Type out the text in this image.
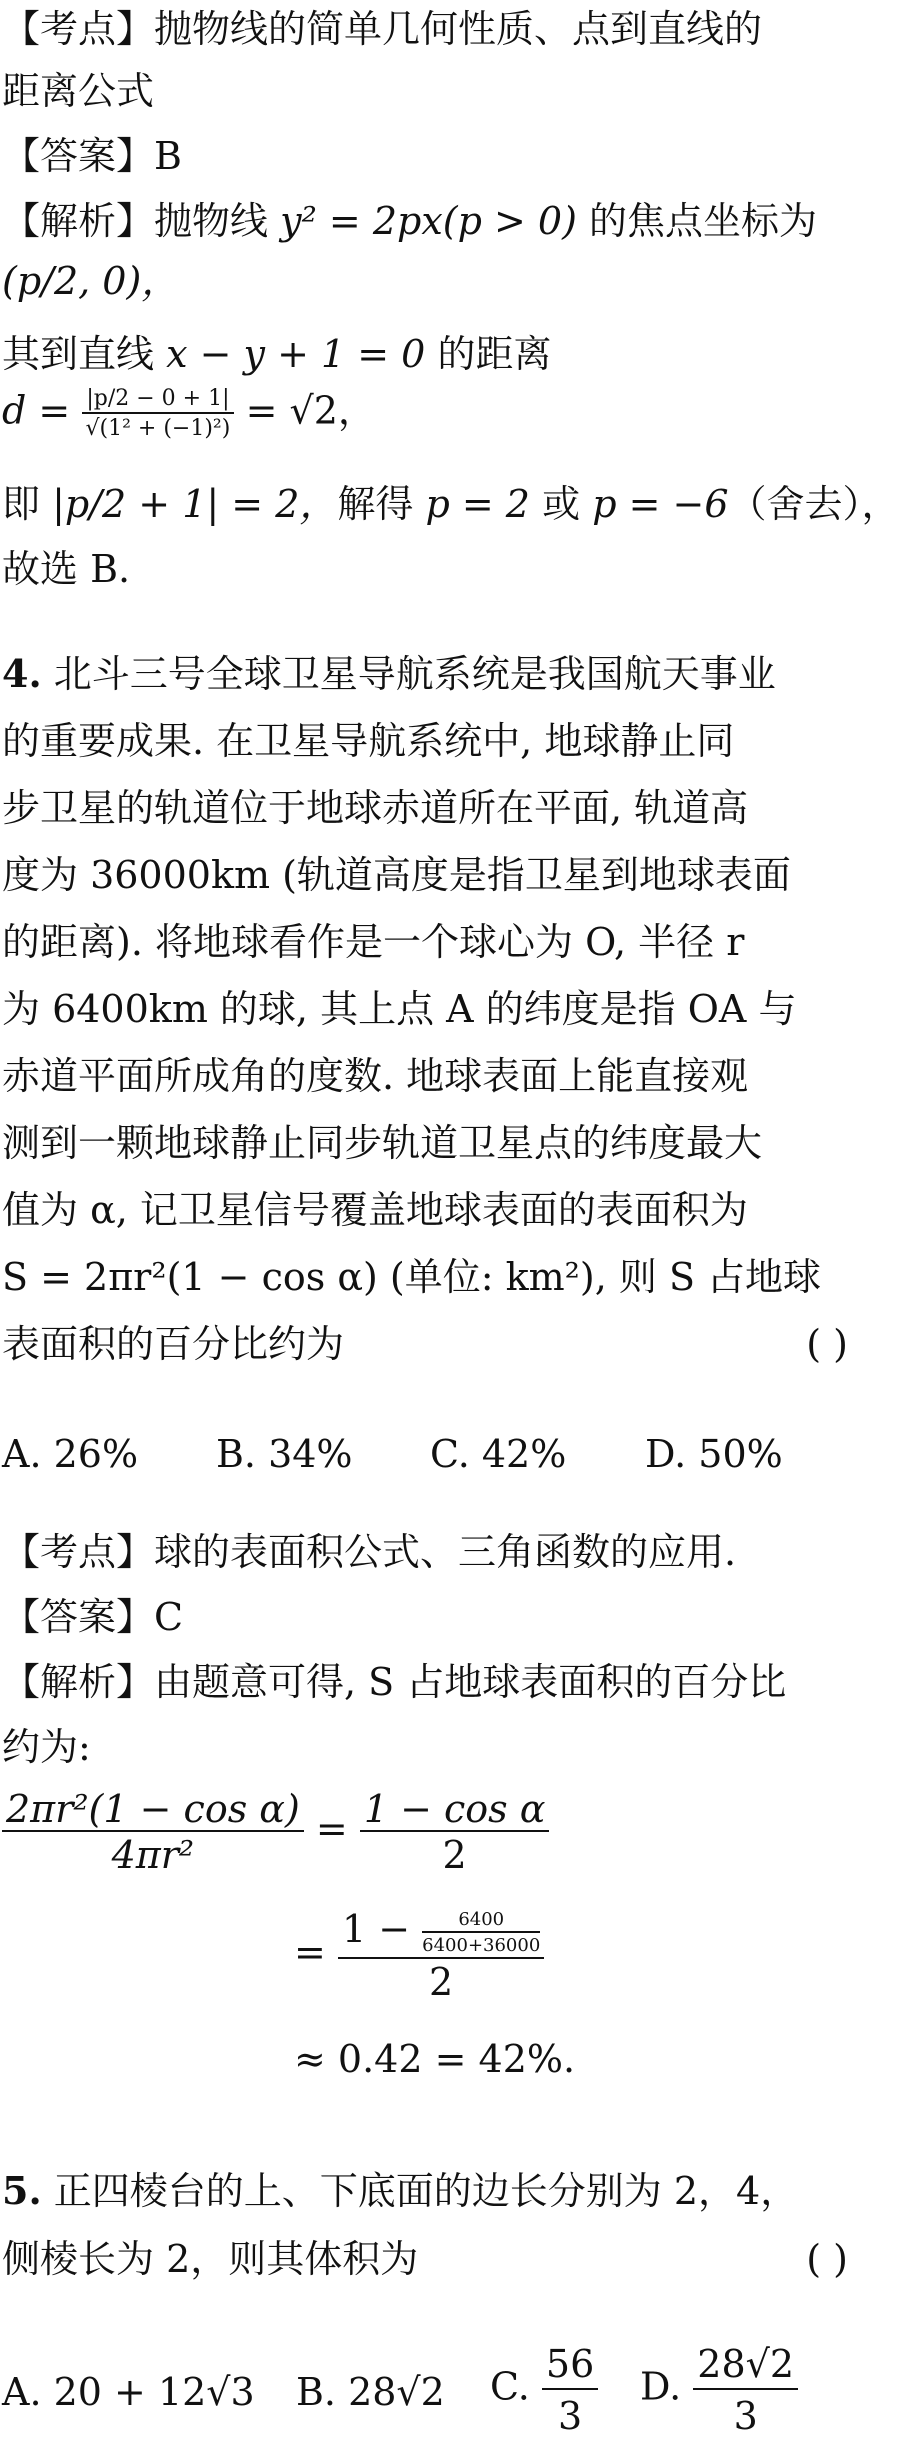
【考点】抛物线的简单几何性质、点到直线的
距离公式
【答案】B
【解析】抛物线 y² = 2px(p > 0) 的焦点坐标为
(p/2, 0)，
其到直线 x − y + 1 = 0 的距离
$d = \frac{|p/2 - 0 + 1|}{\text{√(1² + (−1)²)}} = √2$，
即 |p/2 + 1| = 2，解得 p = 2 或 p = −6（舍去），
故选 B.
4. 北斗三号全球卫星导航系统是我国航天事业
的重要成果. 在卫星导航系统中, 地球静止同
步卫星的轨道位于地球赤道所在平面, 轨道高
度为 36000km (轨道高度是指卫星到地球表面
的距离). 将地球看作是一个球心为 O, 半径 r
为 6400km 的球, 其上点 A 的纬度是指 OA 与
赤道平面所成角的度数. 地球表面上能直接观
测到一颗地球静止同步轨道卫星点的纬度最大
值为 α, 记卫星信号覆盖地球表面的表面积为
S = 2πr²(1 − cos α) (单位: km²), 则 S 占地球
表面积的百分比约为	( )
A. 26% B. 34% C. 42% D. 50%
【考点】球的表面积公式、三角函数的应用.
【答案】C
【解析】由题意可得, S 占地球表面积的百分比
约为:
$\frac{\text{2πr²(1 − cos α)}}{\text{4πr²}} = \frac{\text{1 − cos α}}{2}$
= $\frac{1 - \frac{6400}{6400+36000}}{2}$
≈ 0.42 = 42%.
5. 正四棱台的上、下底面的边长分别为 2，4，
侧棱长为 2，则其体积为	( )
A. 20 + 12√3 B. 28√2 C. $\frac{56}{3} D$. $\frac{28√2}{3}$
